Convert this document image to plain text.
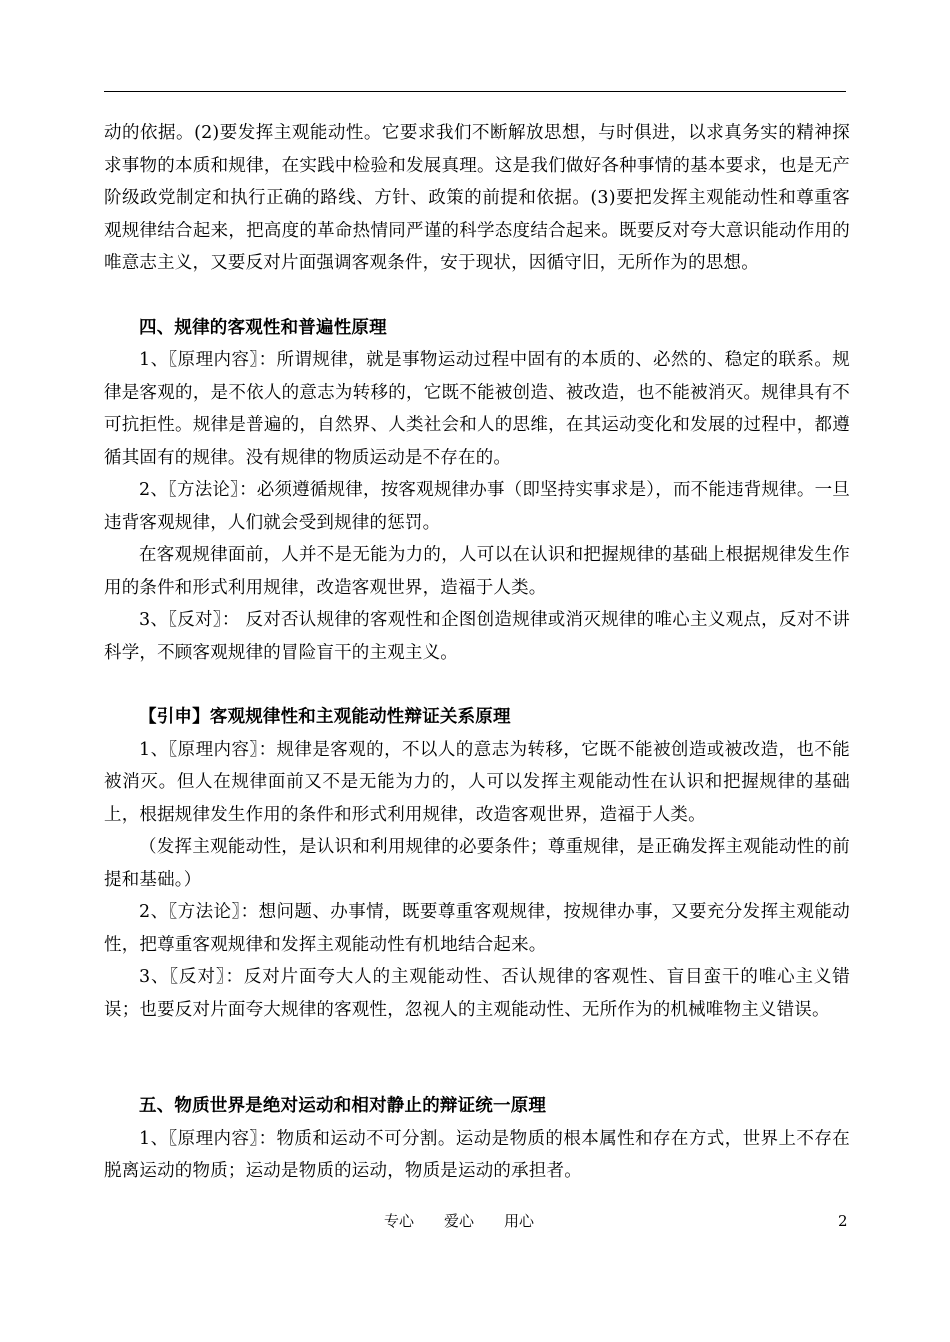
动的依据。(2)要发挥主观能动性。它要求我们不断解放思想，与时俱进，以求真务实的精神探求事物的本质和规律，在实践中检验和发展真理。这是我们做好各种事情的基本要求，也是无产阶级政党制定和执行正确的路线、方针、政策的前提和依据。(3)要把发挥主观能动性和尊重客观规律结合起来，把高度的革命热情同严谨的科学态度结合起来。既要反对夸大意识能动作用的唯意志主义，又要反对片面强调客观条件，安于现状，因循守旧，无所作为的思想。

四、规律的客观性和普遍性原理

1、〖原理内容〗：所谓规律，就是事物运动过程中固有的本质的、必然的、稳定的联系。规律是客观的，是不依人的意志为转移的，它既不能被创造、被改造，也不能被消灭。规律具有不可抗拒性。规律是普遍的，自然界、人类社会和人的思维，在其运动变化和发展的过程中，都遵循其固有的规律。没有规律的物质运动是不存在的。

2、〖方法论〗：必须遵循规律，按客观规律办事（即坚持实事求是），而不能违背规律。一旦违背客观规律，人们就会受到规律的惩罚。

在客观规律面前，人并不是无能为力的，人可以在认识和把握规律的基础上根据规律发生作用的条件和形式利用规律，改造客观世界，造福于人类。

3、〖反对〗： 反对否认规律的客观性和企图创造规律或消灭规律的唯心主义观点，反对不讲科学，不顾客观规律的冒险盲干的主观主义。

【引申】客观规律性和主观能动性辩证关系原理

1、〖原理内容〗：规律是客观的，不以人的意志为转移，它既不能被创造或被改造，也不能被消灭。但人在规律面前又不是无能为力的，人可以发挥主观能动性在认识和把握规律的基础上，根据规律发生作用的条件和形式利用规律，改造客观世界，造福于人类。

（发挥主观能动性，是认识和利用规律的必要条件；尊重规律，是正确发挥主观能动性的前提和基础。）

2、〖方法论〗：想问题、办事情，既要尊重客观规律，按规律办事，又要充分发挥主观能动性，把尊重客观规律和发挥主观能动性有机地结合起来。

3、〖反对〗：反对片面夸大人的主观能动性、否认规律的客观性、盲目蛮干的唯心主义错误；也要反对片面夸大规律的客观性，忽视人的主观能动性、无所作为的机械唯物主义错误。

五、物质世界是绝对运动和相对静止的辩证统一原理

1、〖原理内容〗：物质和运动不可分割。运动是物质的根本属性和存在方式，世界上不存在脱离运动的物质；运动是物质的运动，物质是运动的承担者。

专心　　爱心　　用心	2
